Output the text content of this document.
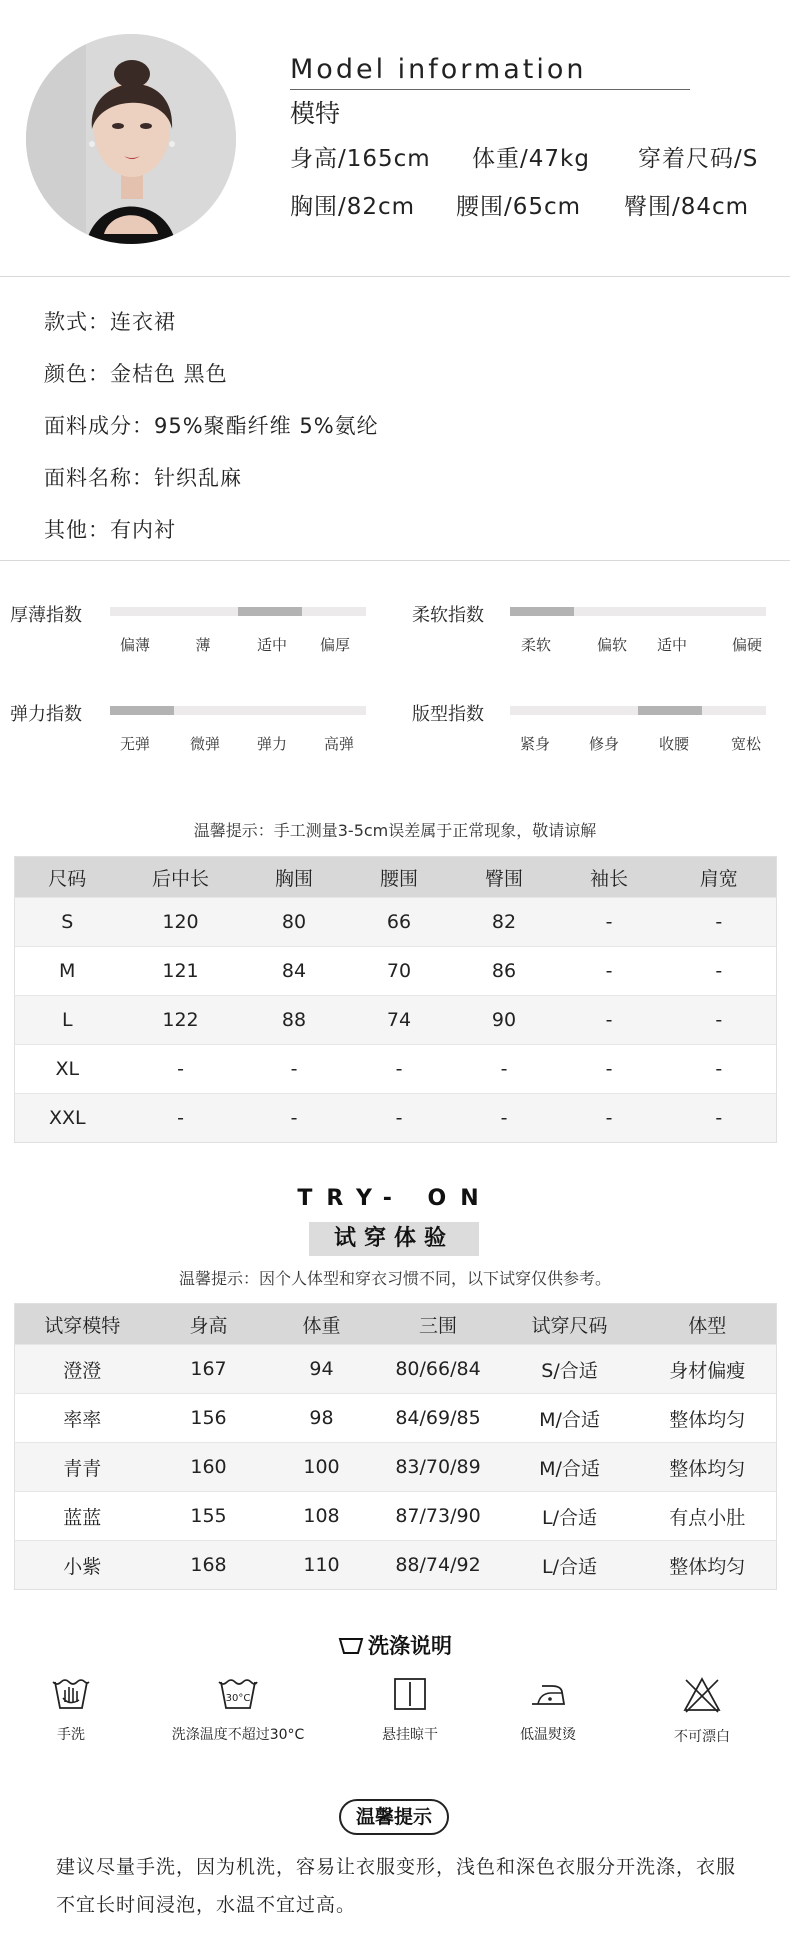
Model information
模特
身高/165cm 体重/47kg 穿着尺码/S
胸围/82cm 腰围/65cm 臀围/84cm
款式：连衣裙
颜色：金桔色 黑色
面料成分：95%聚酯纤维 5%氨纶
面料名称：针织乱麻
其他：有内衬
厚薄指数
偏薄	薄	适中	偏厚
柔软指数
柔软	偏软	适中	偏硬
弹力指数
无弹	微弹	弹力	高弹
版型指数
紧身	修身	收腰	宽松
温馨提示：手工测量3-5cm误差属于正常现象，敬请谅解
尺码	后中长	胸围	腰围	臀围	袖长	肩宽
S	120	80	66	82	-	-
M	121	84	70	86	-	-
L	122	88	74	90	-	-
XL	-	-	-	-	-	-
XXL	-	-	-	-	-	-
TRY- ON
试穿体验
温馨提示：因个人体型和穿衣习惯不同，以下试穿仅供参考。
试穿模特	身高	体重	三围	试穿尺码	体型
澄澄	167	94	80/66/84	S/合适	身材偏瘦
率率	156	98	84/69/85	M/合适	整体均匀
青青	160	100	83/70/89	M/合适	整体均匀
蓝蓝	155	108	87/73/90	L/合适	有点小肚
小紫	168	110	88/74/92	L/合适	整体均匀
洗涤说明
手洗
30°C
洗涤温度不超过30°C	悬挂晾干	低温熨烫	不可漂白
温馨提示
建议尽量手洗，因为机洗，容易让衣服变形，浅色和深色衣服分开洗涤，衣服不宜长时间浸泡，水温不宜过高。
